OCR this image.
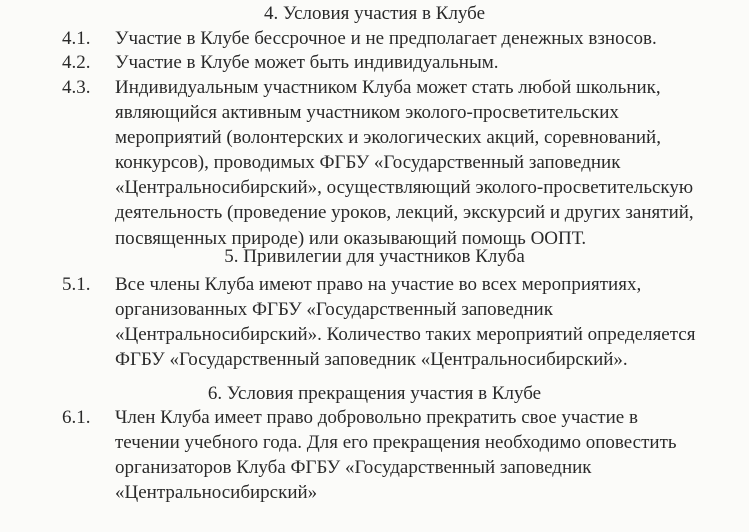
4. Условия участия в Клубе
4.1. Участие в Клубе бессрочное и не предполагает денежных взносов.
4.2. Участие в Клубе может быть индивидуальным.
4.3. Индивидуальным участником Клуба может стать любой школьник,
являющийся активным участником эколого-просветительских
мероприятий (волонтерских и экологических акций, соревнований,
конкурсов), проводимых ФГБУ «Государственный заповедник
«Центральносибирский», осуществляющий эколого-просветительскую
деятельность (проведение уроков, лекций, экскурсий и других занятий,
посвященных природе) или оказывающий помощь ООПТ.
5. Привилегии для участников Клуба
5.1. Все члены Клуба имеют право на участие во всех мероприятиях,
организованных ФГБУ «Государственный заповедник
«Центральносибирский». Количество таких мероприятий определяется
ФГБУ «Государственный заповедник «Центральносибирский».
6. Условия прекращения участия в Клубе
6.1. Член Клуба имеет право добровольно прекратить свое участие в
течении учебного года. Для его прекращения необходимо оповестить
организаторов Клуба ФГБУ «Государственный заповедник
«Центральносибирский»
